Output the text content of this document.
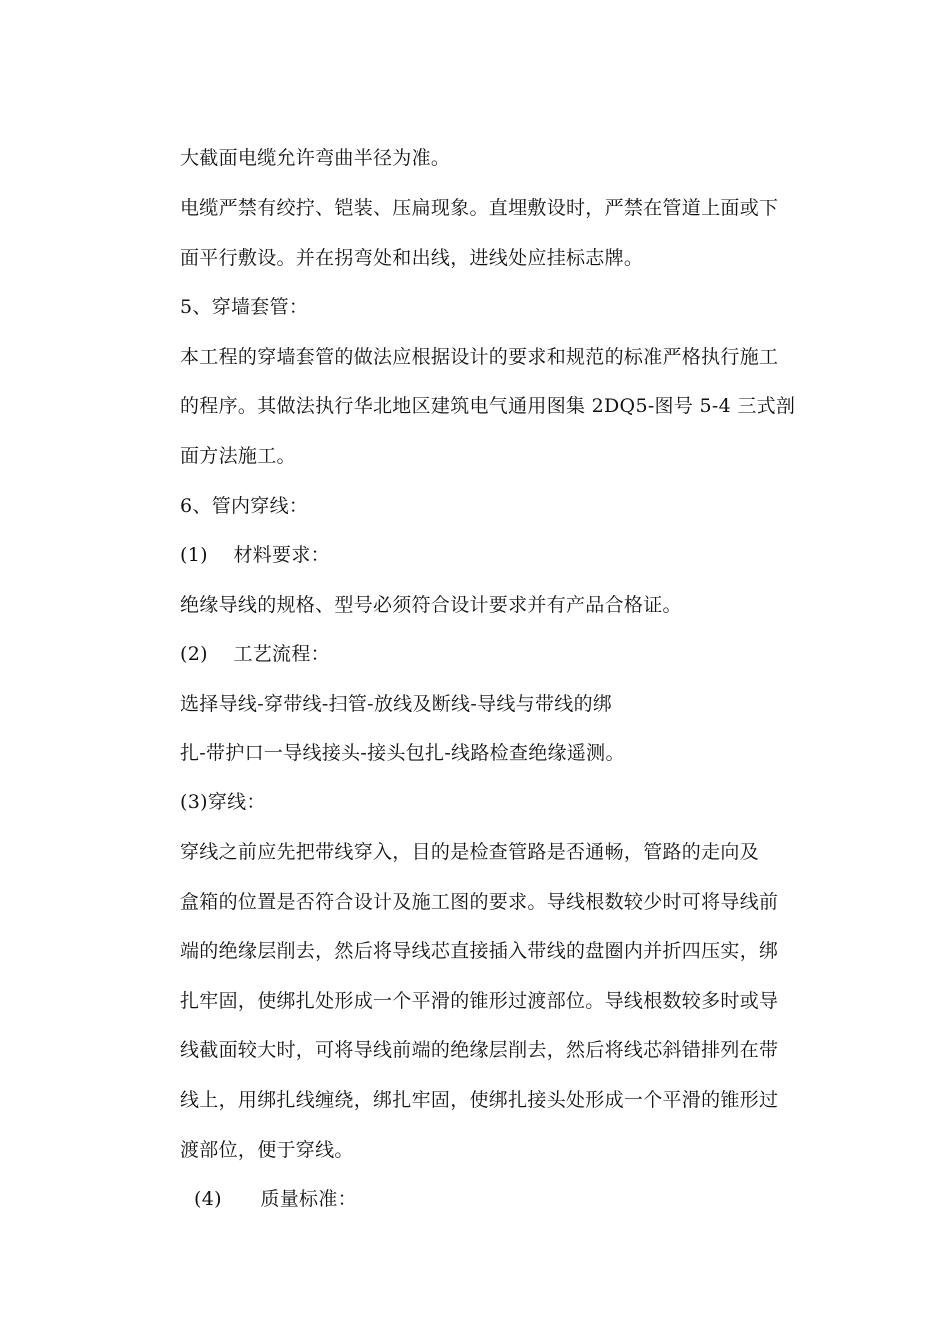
大截面电缆允许弯曲半径为准。
电缆严禁有绞拧、铠装、压扁现象。直埋敷设时，严禁在管道上面或下
面平行敷设。并在拐弯处和出线，进线处应挂标志牌。
5、穿墙套管：
本工程的穿墙套管的做法应根据设计的要求和规范的标准严格执行施工
的程序。其做法执行华北地区建筑电气通用图集 2DQ5-图号 5-4 三式剖
面方法施工。
6、管内穿线：
(1)　 材料要求：
绝缘导线的规格、型号必须符合设计要求并有产品合格证。
(2)　 工艺流程：
选择导线-穿带线-扫管-放线及断线-导线与带线的绑
扎-带护口一导线接头-接头包扎-线路检查绝缘遥测。
(3)穿线：
穿线之前应先把带线穿入，目的是检查管路是否通畅，管路的走向及
盒箱的位置是否符合设计及施工图的要求。导线根数较少时可将导线前
端的绝缘层削去，然后将导线芯直接插入带线的盘圈内并折四压实，绑
扎牢固，使绑扎处形成一个平滑的锥形过渡部位。导线根数较多时或导
线截面较大时，可将导线前端的绝缘层削去，然后将线芯斜错排列在带
线上，用绑扎线缠绕，绑扎牢固，使绑扎接头处形成一个平滑的锥形过
渡部位，便于穿线。
(4)　　质量标准：
